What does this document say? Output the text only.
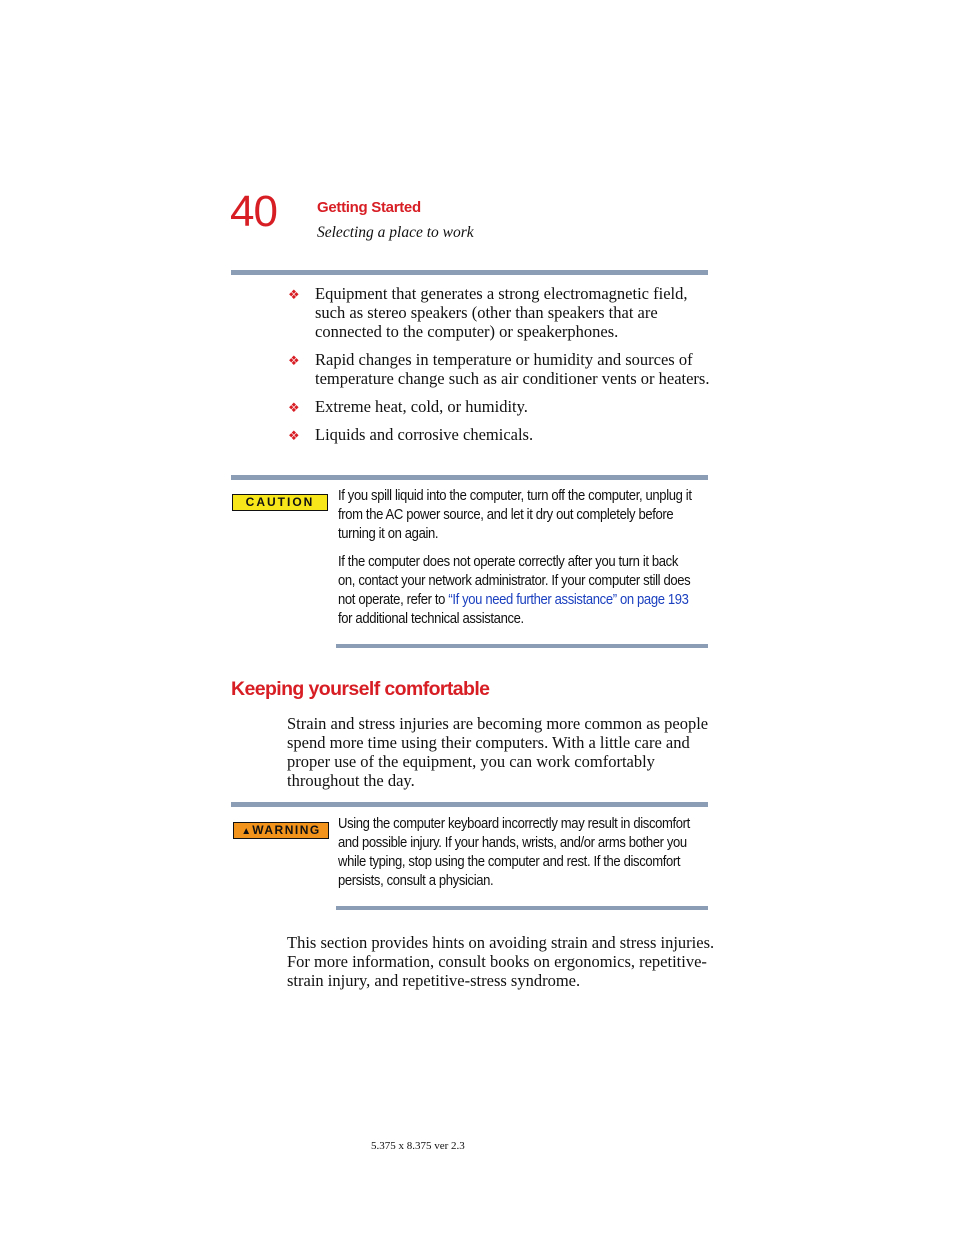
40	Getting Started
Selecting a place to work
❖ Equipment that generates a strong electromagnetic field, such as stereo speakers (other than speakers that are connected to the computer) or speakerphones.
❖ Rapid changes in temperature or humidity and sources of temperature change such as air conditioner vents or heaters.
❖ Extreme heat, cold, or humidity.
❖ Liquids and corrosive chemicals.
CAUTION	If you spill liquid into the computer, turn off the computer, unplug it from the AC power source, and let it dry out completely before turning it on again.

If the computer does not operate correctly after you turn it back on, contact your network administrator. If your computer still does not operate, refer to “If you need further assistance” on page 193 for additional technical assistance.

Keeping yourself comfortable
Strain and stress injuries are becoming more common as people spend more time using their computers. With a little care and proper use of the equipment, you can work comfortably throughout the day.
▲WARNING	Using the computer keyboard incorrectly may result in discomfort and possible injury. If your hands, wrists, and/or arms bother you while typing, stop using the computer and rest. If the discomfort persists, consult a physician.
This section provides hints on avoiding strain and stress injuries. For more information, consult books on ergonomics, repetitive-strain injury, and repetitive-stress syndrome.
5.375 x 8.375 ver 2.3
